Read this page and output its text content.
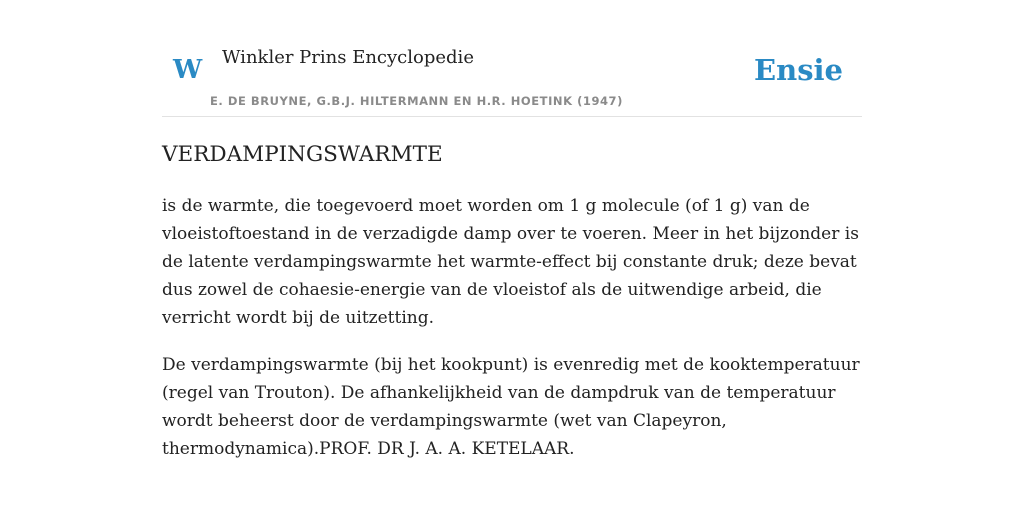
W Winkler Prins Encyclopedie
E. DE BRUYNE, G.B.J. HILTERMANN EN H.R. HOETINK (1947)
Ensie
VERDAMPINGSWARMTE

is de warmte, die toegevoerd moet worden om 1 g molecule (of 1 g) van de vloeistoftoestand in de verzadigde damp over te voeren. Meer in het bijzonder is de latente verdampingswarmte het warmte-effect bij constante druk; deze bevat dus zowel de cohaesie-energie van de vloeistof als de uitwendige arbeid, die verricht wordt bij de uitzetting.

De verdampingswarmte (bij het kookpunt) is evenredig met de kooktemperatuur (regel van Trouton). De afhankelijkheid van de dampdruk van de temperatuur wordt beheerst door de verdampingswarmte (wet van Clapeyron, thermodynamica).PROF. DR J. A. A. KETELAAR.
